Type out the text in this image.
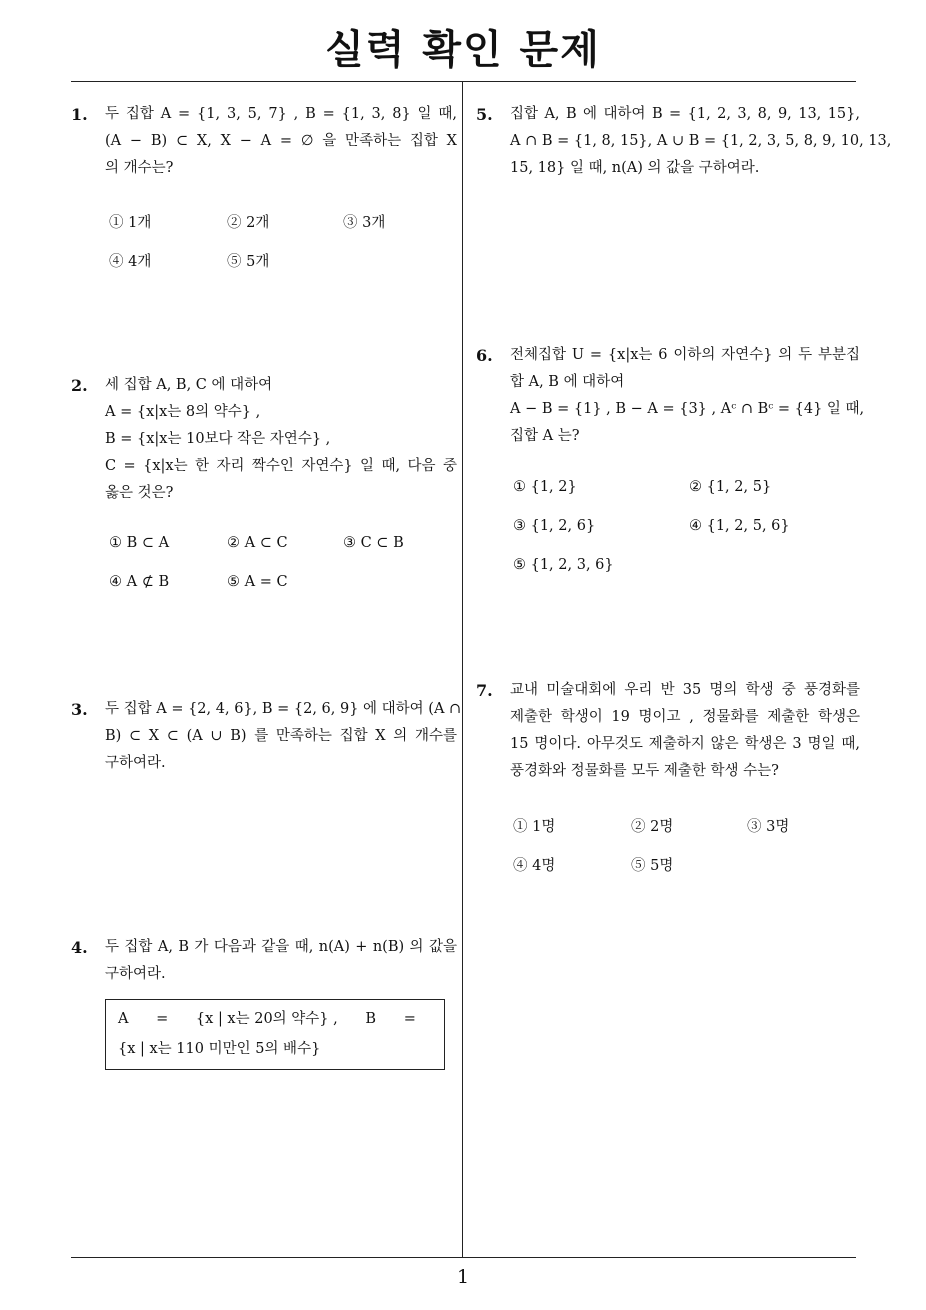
실력 확인 문제
1
1. 두 집합 A = {1, 3, 5, 7} , B = {1, 3, 8} 일 때,
(A − B) ⊂ X, X − A = ∅ 을 만족하는 집합 X
의 개수는?
① 1개	② 2개	③ 3개
④ 4개	⑤ 5개
2. 세 집합 A, B, C 에 대하여
A = {x|x는 8의 약수} ,
B = {x|x는 10보다 작은 자연수} ,
C = {x|x는 한 자리 짝수인 자연수} 일 때, 다음 중
옳은 것은?
① B ⊂ A	② A ⊂ C	③ C ⊂ B
④ A ⊄ B	⑤ A = C
3. 두 집합 A = {2, 4, 6}, B = {2, 6, 9} 에 대하여 (A ∩
B) ⊂ X ⊂ (A ∪ B) 를 만족하는 집합 X 의 개수를
구하여라.
4. 두 집합 A, B 가 다음과 같을 때, n(A) + n(B) 의 값을
구하여라.
A      =      {x | x는 20의 약수} ,      B      =
{x | x는 110 미만인 5의 배수}
5. 집합 A, B 에 대하여 B = {1, 2, 3, 8, 9, 13, 15},
A ∩ B = {1, 8, 15}, A ∪ B = {1, 2, 3, 5, 8, 9, 10, 13,
15, 18} 일 때, n(A) 의 값을 구하여라.
6. 전체집합 U = {x|x는 6 이하의 자연수} 의 두 부분집
합 A, B 에 대하여
A − B = {1} , B − A = {3} , Aᶜ ∩ Bᶜ = {4} 일 때,
집합 A 는?
① {1, 2}	② {1, 2, 5}
③ {1, 2, 6}	④ {1, 2, 5, 6}
⑤ {1, 2, 3, 6}
7. 교내 미술대회에 우리 반 35 명의 학생 중 풍경화를
제출한 학생이 19 명이고 , 정물화를 제출한 학생은
15 명이다. 아무것도 제출하지 않은 학생은 3 명일 때,
풍경화와 정물화를 모두 제출한 학생 수는?
① 1명	② 2명	③ 3명
④ 4명	⑤ 5명
